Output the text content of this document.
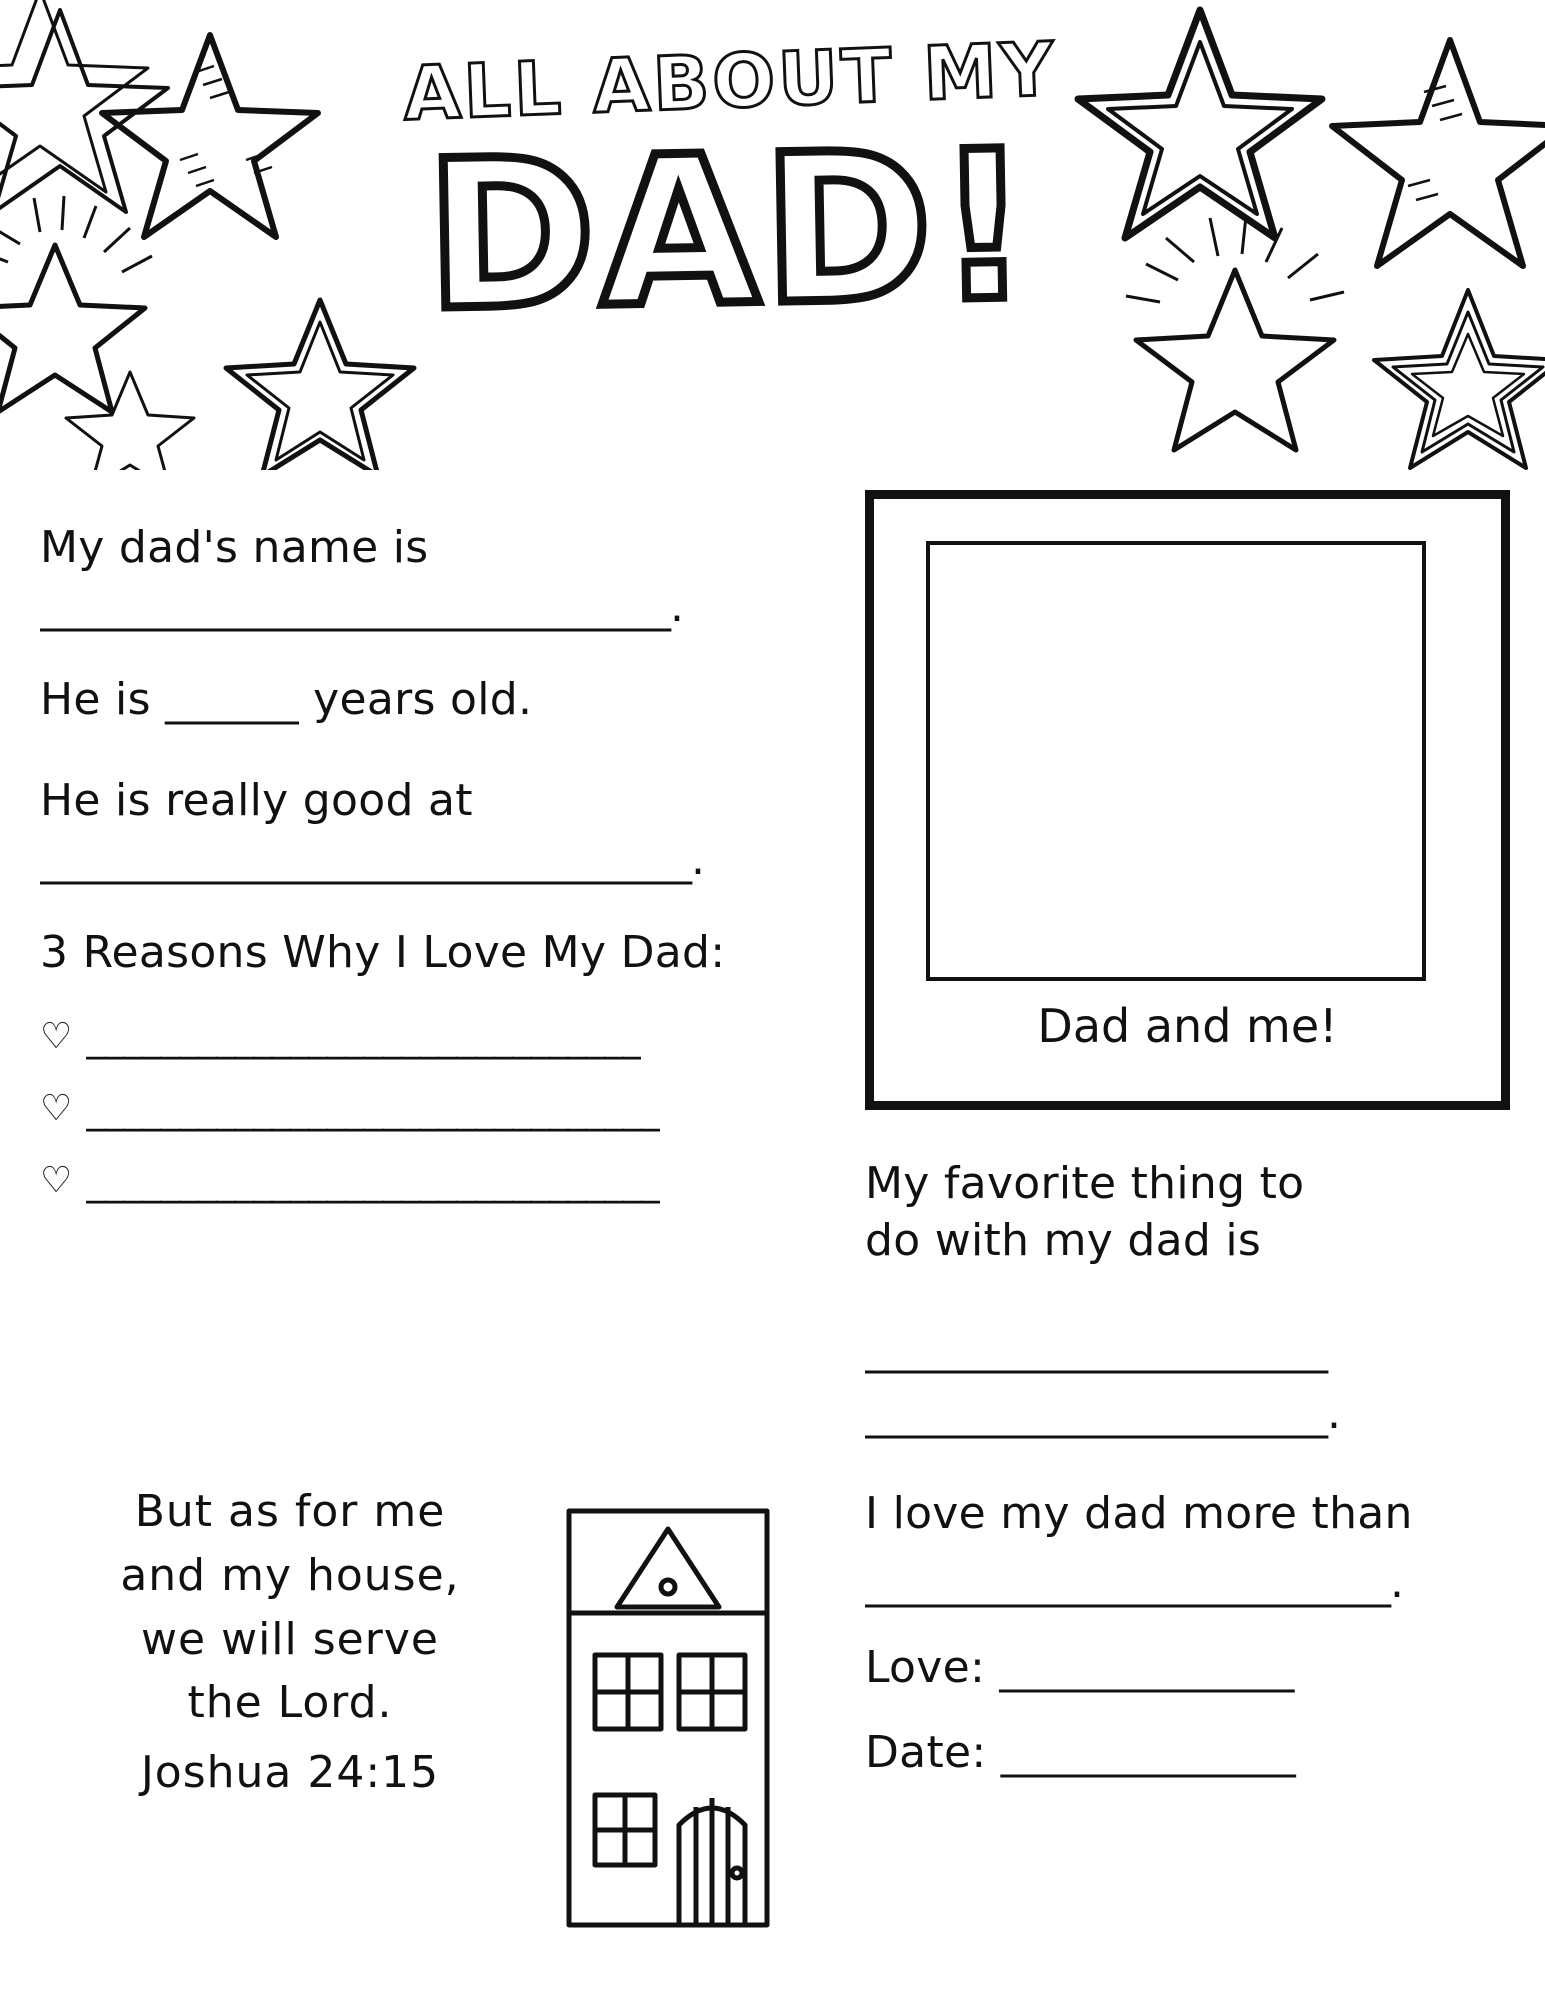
ALL ABOUT MY
DAD!

My dad's name is

______________________________.

He is ______ years old.

He is really good at

_______________________________.

3 Reasons Why I Love My Dad:

♡ ______________________________
♡ _______________________________
♡ _______________________________
But as for me
and my house,
we will serve
the Lord.
Joshua 24:15
Dad and me!

My favorite thing to

do with my dad is

______________________

______________________.

I love my dad more than

_________________________.

Love: ______________
Date: ______________
